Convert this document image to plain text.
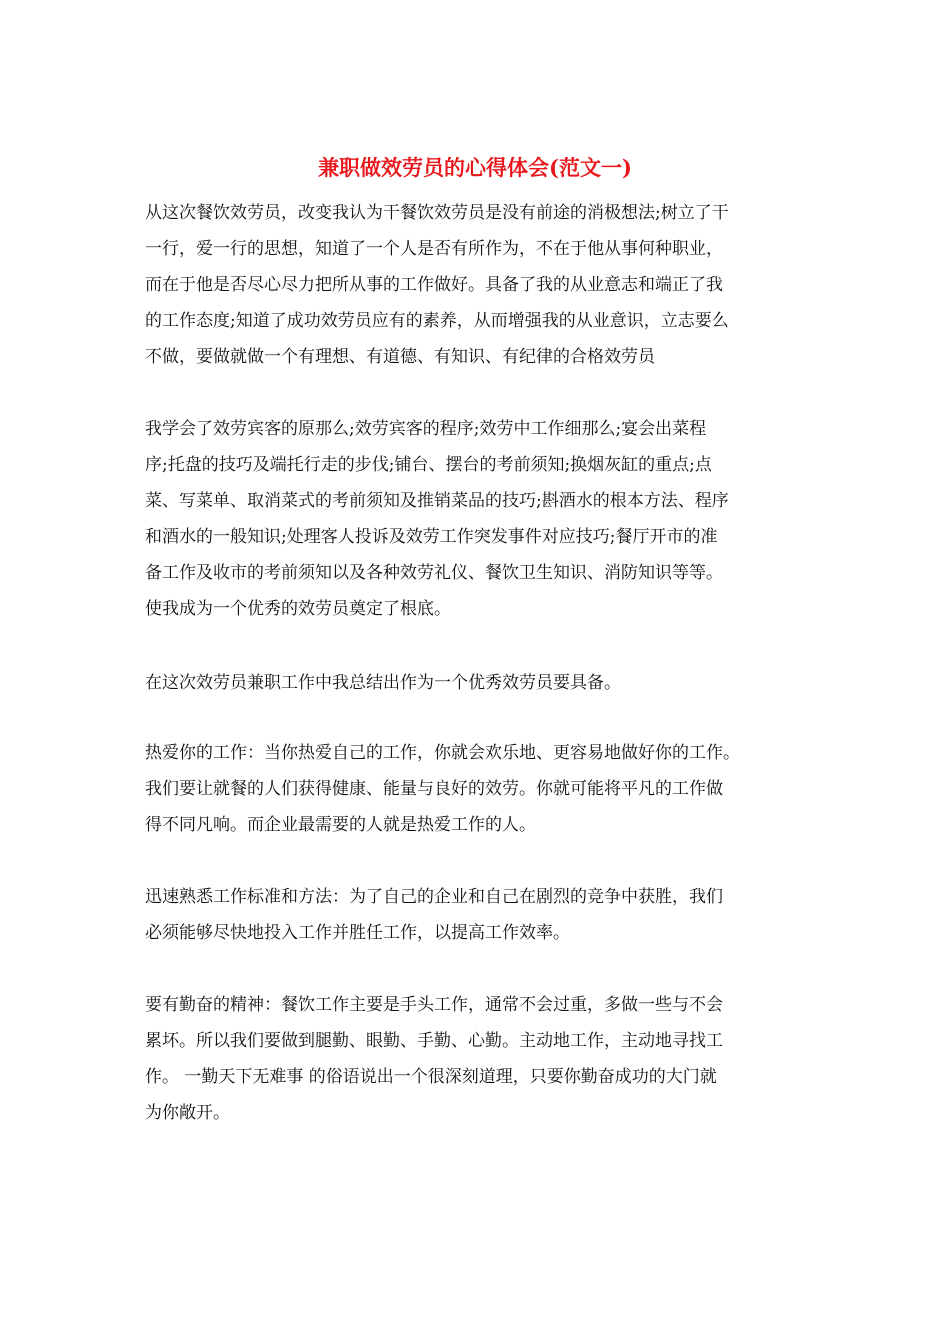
兼职做效劳员的心得体会(范文一)
从这次餐饮效劳员，改变我认为干餐饮效劳员是没有前途的消极想法;树立了干
一行，爱一行的思想，知道了一个人是否有所作为，不在于他从事何种职业，
而在于他是否尽心尽力把所从事的工作做好。具备了我的从业意志和端正了我
的工作态度;知道了成功效劳员应有的素养，从而增强我的从业意识，立志要么
不做，要做就做一个有理想、有道德、有知识、有纪律的合格效劳员
我学会了效劳宾客的原那么;效劳宾客的程序;效劳中工作细那么;宴会出菜程
序;托盘的技巧及端托行走的步伐;铺台、摆台的考前须知;换烟灰缸的重点;点
菜、写菜单、取消菜式的考前须知及推销菜品的技巧;斟酒水的根本方法、程序
和酒水的一般知识;处理客人投诉及效劳工作突发事件对应技巧;餐厅开市的准
备工作及收市的考前须知以及各种效劳礼仪、餐饮卫生知识、消防知识等等。
使我成为一个优秀的效劳员奠定了根底。
在这次效劳员兼职工作中我总结出作为一个优秀效劳员要具备。
热爱你的工作：当你热爱自己的工作，你就会欢乐地、更容易地做好你的工作。
我们要让就餐的人们获得健康、能量与良好的效劳。你就可能将平凡的工作做
得不同凡响。而企业最需要的人就是热爱工作的人。
迅速熟悉工作标准和方法：为了自己的企业和自己在剧烈的竞争中获胜，我们
必须能够尽快地投入工作并胜任工作，以提高工作效率。
要有勤奋的精神：餐饮工作主要是手头工作，通常不会过重，多做一些与不会
累坏。所以我们要做到腿勤、眼勤、手勤、心勤。主动地工作，主动地寻找工
作。 一勤天下无难事 的俗语说出一个很深刻道理，只要你勤奋成功的大门就
为你敞开。
